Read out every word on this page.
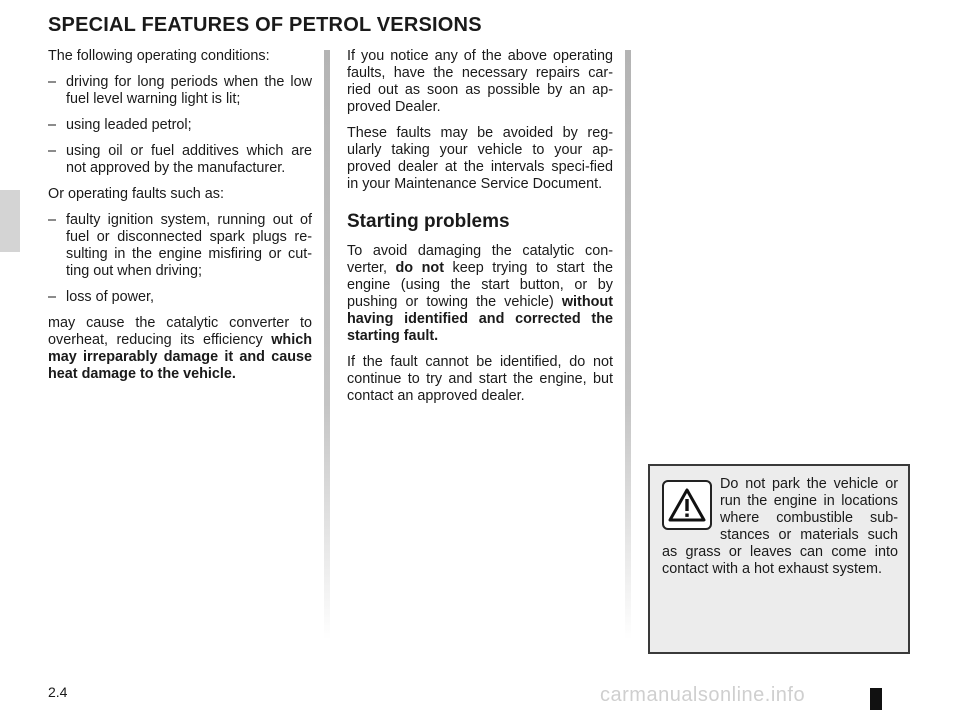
SPECIAL FEATURES OF PETROL VERSIONS

The following operating conditions:

– driving for long periods when the low fuel level warning light is lit;
– using leaded petrol;
– using oil or fuel additives which are not approved by the manufacturer.

Or operating faults such as:

– faulty ignition system, running out of fuel or disconnected spark plugs re-sulting in the engine misfiring or cut-ting out when driving;
– loss of power,

may cause the catalytic converter to overheat, reducing its efficiency which may irreparably damage it and cause heat damage to the vehicle.

If you notice any of the above operating faults, have the necessary repairs car-ried out as soon as possible by an ap-proved Dealer.

These faults may be avoided by reg-ularly taking your vehicle to your ap-proved dealer at the intervals speci-fied in your Maintenance Service Document.

Starting problems

To avoid damaging the catalytic con-verter, do not keep trying to start the engine (using the start button, or by pushing or towing the vehicle) without having identified and corrected the starting fault.

If the fault cannot be identified, do not continue to try and start the engine, but contact an approved dealer.

Do not park the vehicle or run the engine in locations where combustible sub-stances or materials such as grass or leaves can come into contact with a hot exhaust system.
2.4	carmanualsonline.info
